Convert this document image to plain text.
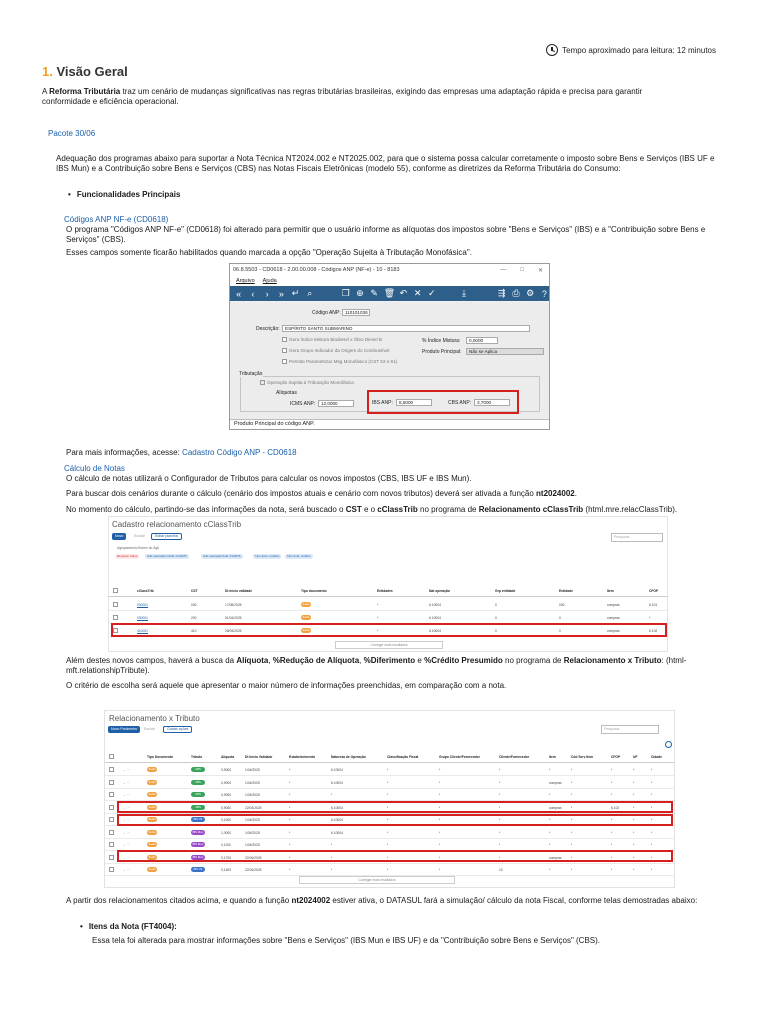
Tempo aproximado para leitura: 12 minutos
1. Visão Geral
A Reforma Tributária traz um cenário de mudanças significativas nas regras tributárias brasileiras, exigindo das empresas uma adaptação rápida e precisa para garantir conformidade e eficiência operacional.
Pacote 30/06
Adequação dos programas abaixo para suportar a Nota Técnica NT2024.002 e NT2025.002, para que o sistema possa calcular corretamente o imposto sobre Bens e Serviços (IBS UF e IBS Mun) e a Contribuição sobre Bens e Serviços (CBS) nas Notas Fiscais Eletrônicas (modelo 55), conforme as diretrizes da Reforma Tributária do Consumo:
• Funcionalidades Principais
Códigos ANP NF-e (CD0618)
O programa "Códigos ANP NF-e" (CD0618) foi alterado para permitir que o usuário informe as alíquotas dos impostos sobre "Bens e Serviços" (IBS) e a "Contribuição sobre Bens e Serviços" (CBS).
Esses campos somente ficarão habilitados quando marcada a opção "Operação Sujeita à Tributação Monofásica".
06.8.5503 - CD0618 - 2.00.00.008 - Códigos ANP (NF-e) - 10 - 8183	— □ ✕
Arquivo Ajuda
«	‹	›	» ↵ ⌕	❐ ⊕ ✎ 🗑 ↶ ✕ ✓	⤓	⇶ ⎙ ⚙ ?
Código ANP: 110101036
Descrição:	ESPÍRITO SANTO SUBMARINO
Gera Índice Mistura Biodiesel x Óleo Diesel B
Gera Grupo Indicador da Origem do Combustível
Permite Parametrizar Msg Monofásico (CST 53 e 61)
% Índice Mistura:	0,0000
Produto Principal:	Não se Aplica
Tributação
Operação Sujeita à Tributação Monofásica
Alíquotas
ICMS ANP:	12,0000	IBS ANP:	8,5000	CBS ANP:	3,7000
Produto Principal do código ANP.
Para mais informações, acesse: Cadastro Código ANP - CD0618
Cálculo de Notas
O cálculo de notas utilizará o Configurador de Tributos para calcular os novos impostos (CBS, IBS UF e IBS Mun).
Para buscar dois cenários durante o cálculo (cenário dos impostos atuais e cenário com novos tributos) deverá ser ativada a função nt2024002.
No momento do cálculo, partindo-se das informações da nota, será buscado o CST e o cClassTrib no programa de Relacionamento cClassTrib (html.mre.relacClassTrib).
Cadastro relacionamento cClassTrib
Novo	Excluir	Editar planilha	Pesquisar
Agrupamento/Ordem do Ágil
Remover todos	Sub operação inicial: 01/2025	Sub operação final: 01/2025	Tipo ativo: unitário	Tipo final: unitário
cClassTrib	CST	Dt início validade	Tipo documento	Entidades	Nat operação	Grp entidade	Entidade	Item	CFOP
000001	000	17/06/2025	Saída	*	6.10004	0	000	compras	6.101
000001	200	01/04/2025	Saída	*	6.10004	0	0	compras	*
410001	410	28/04/2025	Saída	*	6.10004	0	0	compras	6.102
Carregar mais resultados
Além destes novos campos, haverá a busca da Alíquota, %Redução de Alíquota, %Diferimento e %Crédito Presumido no programa de Relacionamento x Tributo: (html-mft.relationshipTribute).
O critério de escolha será aquele que apresentar o maior número de informações preenchidas, em comparação com a nota.
Relacionamento x Tributo
Novo Parâmetro	Excluir	Outras ações	Pesquisar
Tipo Documento	Tributo	Alíquota	Dt Início Validade	Estabelecimento	Natureza de Operação	Classificação Fiscal	Grupo Cliente/Fornecedor	Cliente/Fornecedor	Item	Cód Serv Item	CFOP	UF	Cidade
⌄ ⋯	Saída	CBS	0,9000	1/04/2025	*	6.10004	*	*	*	*	*	*	*	*
⌄ ⋯	Saída	CBS	0,9000	1/04/2025	*	6.10004	*	*	*	compras	*	*	*	*
⌄ ⋯	Saída	CBS	0,9000	1/04/2025	*	*	*	*	*	*	*	*	*	*
⌄ ⋯	Saída	CBS	0,9000	22/04/2025	*	6.10004	*	*	*	compras	*	6.102	*	*
⌄ ⋯	Saída	IBS UF	0,1000	1/04/2025	*	6.10004	*	*	*	*	*	*	*	*
⌄ ⋯	Saída	IBS Mun	1,0000	1/04/2025	*	6.10004	*	*	*	*	*	*	*	*
⌄ ⋯	Saída	IBS Mun	0,1100	1/04/2025	*	*	*	*	*	*	*	*	*	*
⌄ ⋯	Saída	IBS Mun	0,1700	22/04/2025	*	*	*	*	*	compras	*	*	*	*
⌄ ⋯	Saída	IBS UF	0,1400	22/04/2025	*	*	*	*	10	*	*	*	*	*
Carregar mais resultados
A partir dos relacionamentos citados acima, e quando a função nt2024002 estiver ativa, o DATASUL fará a simulação/ cálculo da nota Fiscal, conforme telas demostradas abaixo:
• Itens da Nota (FT4004):
Essa tela foi alterada para mostrar informações sobre "Bens e Serviços" (IBS Mun e IBS UF) e da "Contribuição sobre Bens e Serviços" (CBS).
